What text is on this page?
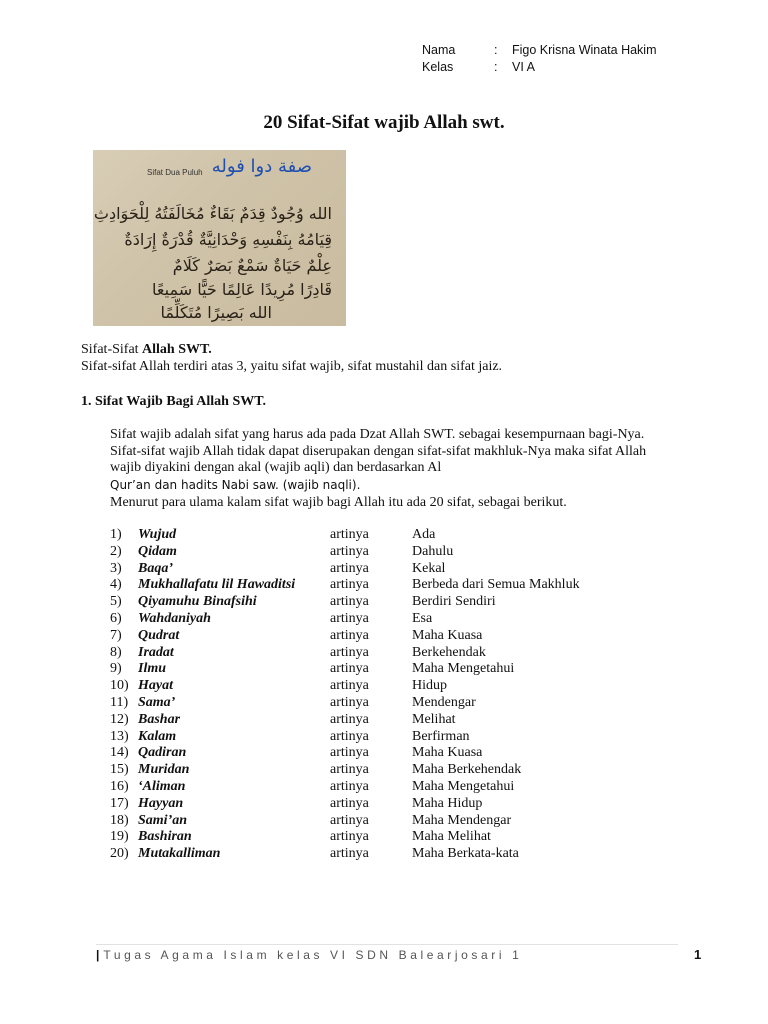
Nama	:	Figo Krisna Winata Hakim
Kelas	:	VI A
20 Sifat-Sifat wajib Allah swt.
Sifat Dua Puluh صفة دوا فوله
الله وُجُودٌ قِدَمٌ بَقَاءٌ مُخَالَفَتُهُ لِلْحَوَادِثِ
قِيَامُهُ بِنَفْسِهِ وَحْدَانِيَّةٌ قُدْرَةٌ إِرَادَةٌ
عِلْمٌ حَيَاةٌ سَمْعٌ بَصَرٌ كَلَامٌ
قَادِرًا مُرِيدًا عَالِمًا حَيًّا سَمِيعًا
الله بَصِيرًا مُتَكَلِّمًا
Sifat-Sifat Allah SWT.
Sifat-sifat Allah terdiri atas 3, yaitu sifat wajib, sifat mustahil dan sifat jaiz.
1. Sifat Wajib Bagi Allah SWT.
Sifat wajib adalah sifat yang harus ada pada Dzat Allah SWT. sebagai kesempurnaan bagi-Nya. Sifat-sifat wajib Allah tidak dapat diserupakan dengan sifat-sifat makhluk-Nya maka sifat Allah wajib diyakini dengan akal (wajib aqli) dan berdasarkan Al
Qur’an dan hadits Nabi saw. (wajib naqli).
Menurut para ulama kalam sifat wajib bagi Allah itu ada 20 sifat, sebagai berikut.
1)	Wujud	artinya	Ada
2)	Qidam	artinya	Dahulu
3)	Baqa’	artinya	Kekal
4)	Mukhallafatu lil Hawaditsi	artinya	Berbeda dari Semua Makhluk
5)	Qiyamuhu Binafsihi	artinya	Berdiri Sendiri
6)	Wahdaniyah	artinya	Esa
7)	Qudrat	artinya	Maha Kuasa
8)	Iradat	artinya	Berkehendak
9)	Ilmu	artinya	Maha Mengetahui
10) Hayat	artinya	Hidup
11) Sama’	artinya	Mendengar
12) Bashar	artinya	Melihat
13) Kalam	artinya	Berfirman
14) Qadiran	artinya	Maha Kuasa
15) Muridan	artinya	Maha Berkehendak
16) ‘Aliman	artinya	Maha Mengetahui
17) Hayyan	artinya	Maha Hidup
18) Sami’an	artinya	Maha Mendengar
19) Bashiran	artinya	Maha Melihat
20) Mutakalliman	artinya	Maha Berkata-kata
| Tugas Agama Islam kelas VI SDN Balearjosari 1	1
